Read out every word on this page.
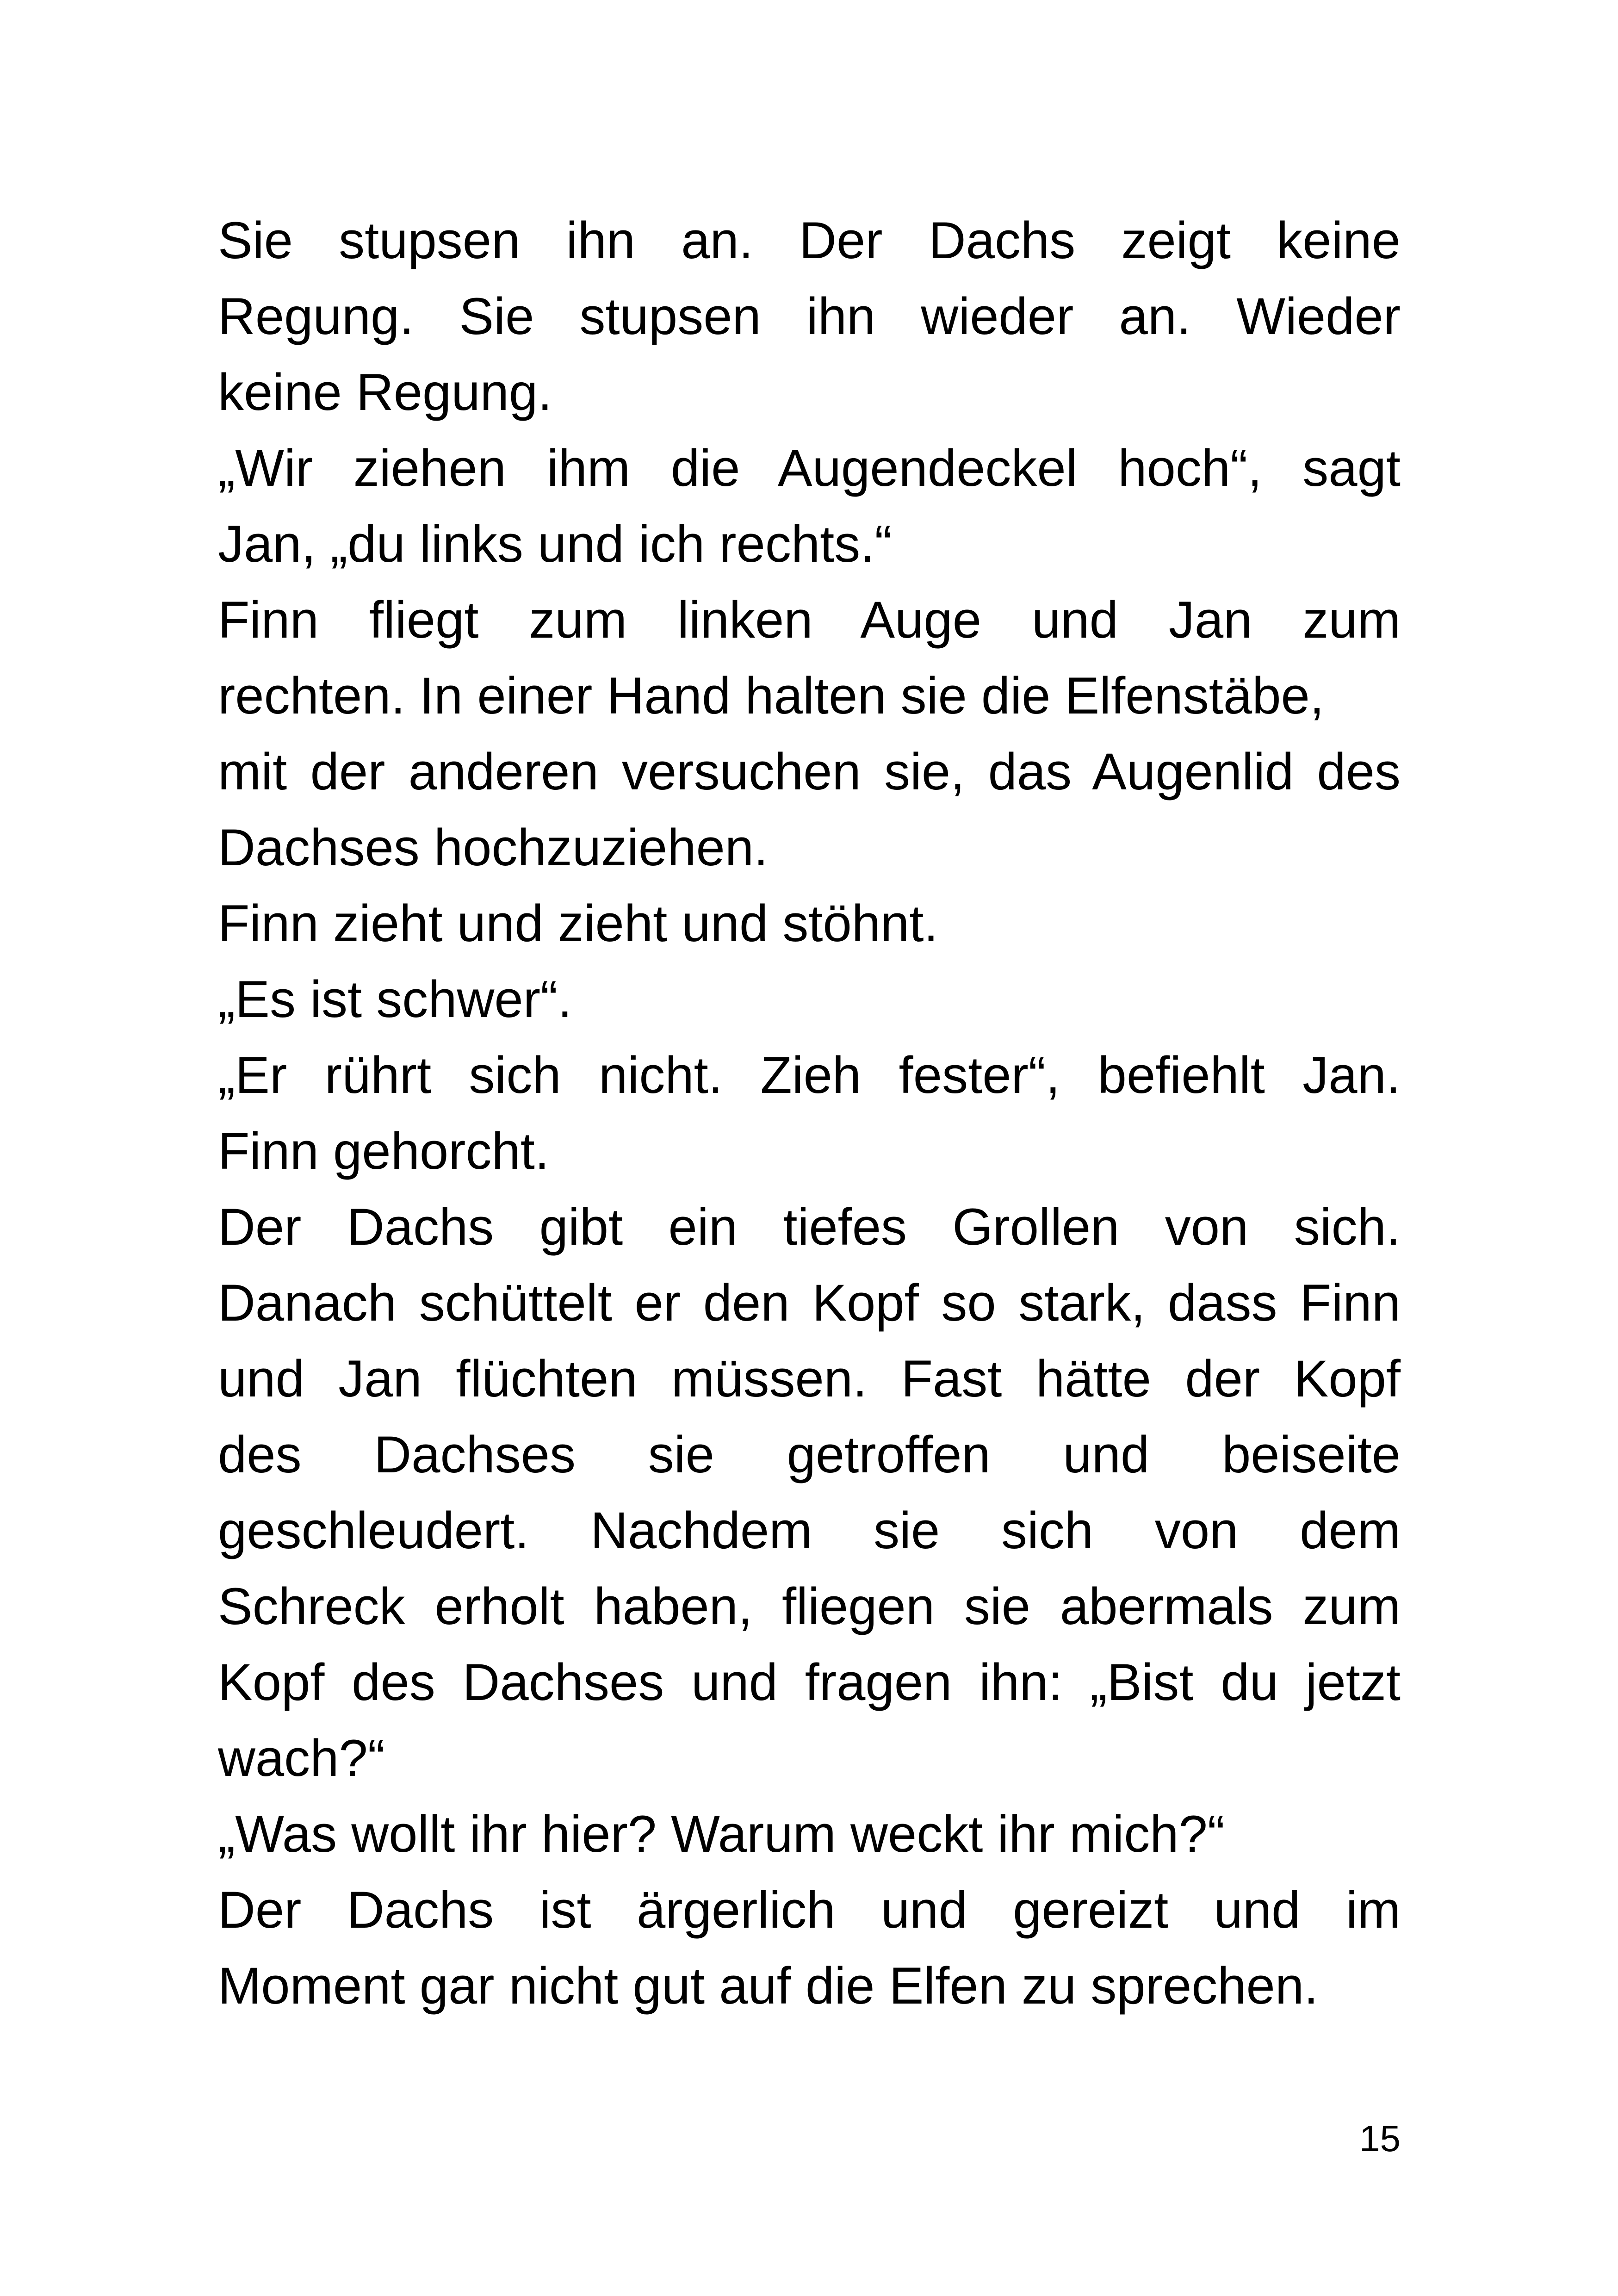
Sie stupsen ihn an. Der Dachs zeigt keine
Regung. Sie stupsen ihn wieder an. Wieder
keine Regung.
„Wir ziehen ihm die Augendeckel hoch“, sagt
Jan, „du links und ich rechts.“
Finn fliegt zum linken Auge und Jan zum
rechten. In einer Hand halten sie die Elfenstäbe,
mit der anderen versuchen sie, das Augenlid des
Dachses hochzuziehen.
Finn zieht und zieht und stöhnt.
„Es ist schwer“.
„Er rührt sich nicht. Zieh fester“, befiehlt Jan.
Finn gehorcht.
Der Dachs gibt ein tiefes Grollen von sich.
Danach schüttelt er den Kopf so stark, dass Finn
und Jan flüchten müssen. Fast hätte der Kopf
des Dachses sie getroffen und beiseite
geschleudert. Nachdem sie sich von dem
Schreck erholt haben, fliegen sie abermals zum
Kopf des Dachses und fragen ihn: „Bist du jetzt
wach?“
„Was wollt ihr hier? Warum weckt ihr mich?“
Der Dachs ist ärgerlich und gereizt und im
Moment gar nicht gut auf die Elfen zu sprechen.
15
